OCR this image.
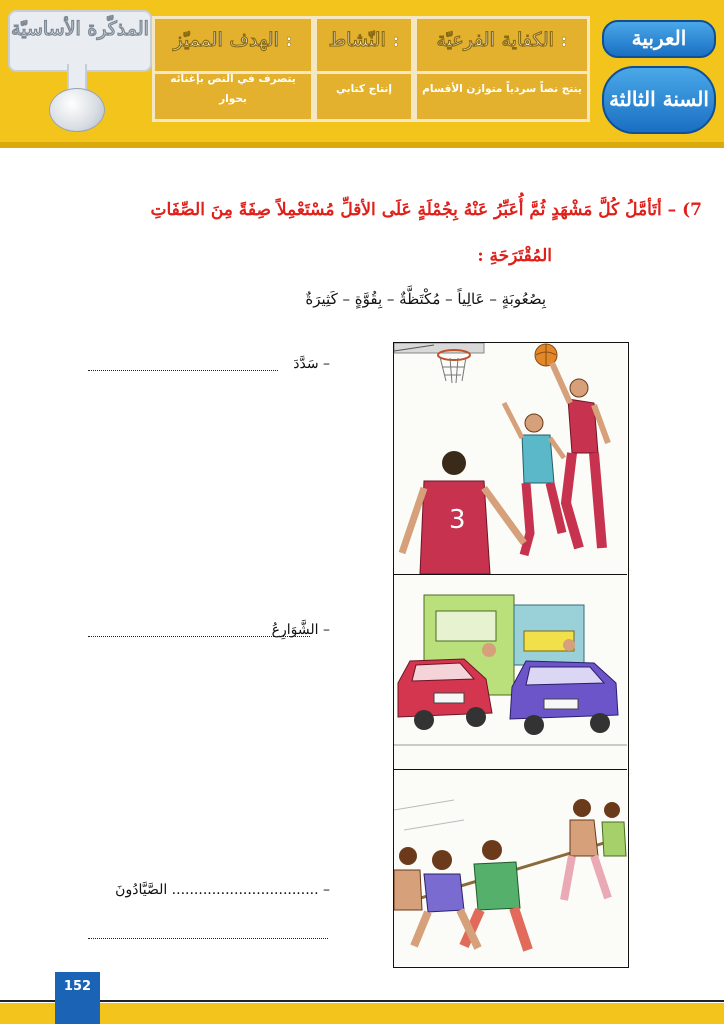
المذكّرة الأساسيّة	الهدف المميّز :
يتصرف في النص بإغنائه
بحوار
النّشاط :
إنتاج كتابي
الكفاية الفرعيّة :
ينتج نصاً سردياً متوازن الأقسام
العربية
السنة الثالثة
7) – أتَأمَّلُ كُلَّ مَشْهَدٍ ثُمَّ أُعَبِّرُ عَنْهُ بِجُمْلَةٍ عَلَى الأقلِّ مُسْتَعْمِلاً صِفَةً مِنَ الصِّفَاتِ
المُقْتَرَحَةِ :
بِصُعُوبَةٍ – عَالِياً – مُكْتَظَّةٌ – بِقُوَّةٍ – كَثِيرَةٌ
– سَدَّدَ
– الشَّوَارِعُ
– ................................. الصَّيَّادُونَ
3
152
